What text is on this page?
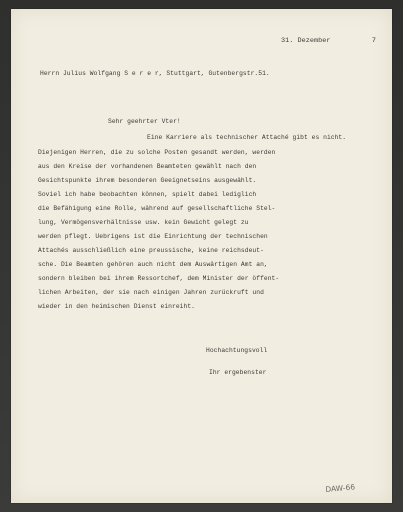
31. Dezember          7
Herrn Julius Wolfgang S e r e r, Stuttgart, Gutenbergstr.51.
Sehr geehrter Vter!
Eine Karriere als technischer Attaché gibt es nicht.
Diejenigen Herren, die zu solche Posten gesandt werden, werden
aus den Kreise der vorhandenen Beamteten gewählt nach den
Gesichtspunkte ihrem besonderen Geeignetseins ausgewählt.
Soviel ich habe beobachten können, spielt dabei lediglich
die Befähigung eine Rolle, während auf gesellschaftliche Stel-
lung, Vermögensverhältnisse usw. kein Gewicht gelegt zu
werden pflegt. Uebrigens ist die Einrichtung der technischen
Attachés ausschließlich eine preussische, keine reichsdeut-
sche. Die Beamten gehören auch nicht dem Auswärtigen Amt an,
sondern bleiben bei ihrem Ressortchef, dem Minister der öffent-
lichen Arbeiten, der sie nach einigen Jahren zurückruft und
wieder in den heimischen Dienst einreiht.
Hochachtungsvoll
Ihr ergebenster
DAW-66
